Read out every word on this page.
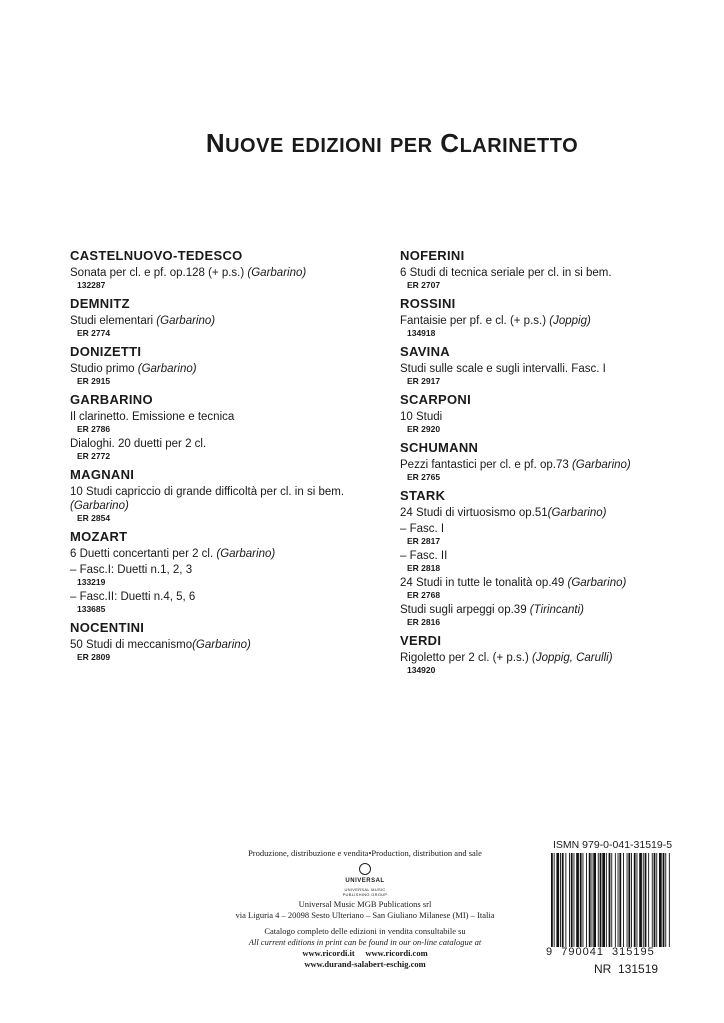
NUOVE EDIZIONI PER CLARINETTO
CASTELNUOVO-TEDESCO
Sonata per cl. e pf. op.128 (+ p.s.) (Garbarino)
132287
DEMNITZ
Studi elementari (Garbarino)
ER 2774
DONIZETTI
Studio primo (Garbarino)
ER 2915
GARBARINO
Il clarinetto. Emissione e tecnica
ER 2786
Dialoghi. 20 duetti per 2 cl.
ER 2772
MAGNANI
10 Studi capriccio di grande difficoltà per cl. in si bem.(Garbarino)
ER 2854
MOZART
6 Duetti concertanti per 2 cl. (Garbarino)
– Fasc.I: Duetti n.1, 2, 3
133219
– Fasc.II: Duetti n.4, 5, 6
133685
NOCENTINI
50 Studi di meccanismo(Garbarino)
ER 2809
NOFERINI
6 Studi di tecnica seriale per cl. in si bem.
ER 2707
ROSSINI
Fantaisie per pf. e cl. (+ p.s.) (Joppig)
134918
SAVINA
Studi sulle scale e sugli intervalli. Fasc. I
ER 2917
SCARPONI
10 Studi
ER 2920
SCHUMANN
Pezzi fantastici per cl. e pf. op.73 (Garbarino)
ER 2765
STARK
24 Studi di virtuosismo op.51(Garbarino)
– Fasc. I
ER 2817
– Fasc. II
ER 2818
24 Studi in tutte le tonalità op.49 (Garbarino)
ER 2768
Studi sugli arpeggi op.39 (Tirincanti)
ER 2816
VERDI
Rigoletto per 2 cl. (+ p.s.) (Joppig, Carulli)
134920
Produzione, distribuzione e vendita•Production, distribution and sale
UNIVERSAL
UNIVERSAL MUSIC
PUBLISHING GROUP
Universal Music MGB Publications srl
via Liguria 4 – 20098 Sesto Ulteriano – San Giuliano Milanese (MI) – Italia
Catalogo completo delle edizioni in vendita consultabile su
All current editions in print can be found in our on-line catalogue at
www.ricordi.it     www.ricordi.com
www.durand-salabert-eschig.com
ISMN 979-0-041-31519-5
9  790041  315195
NR  131519
